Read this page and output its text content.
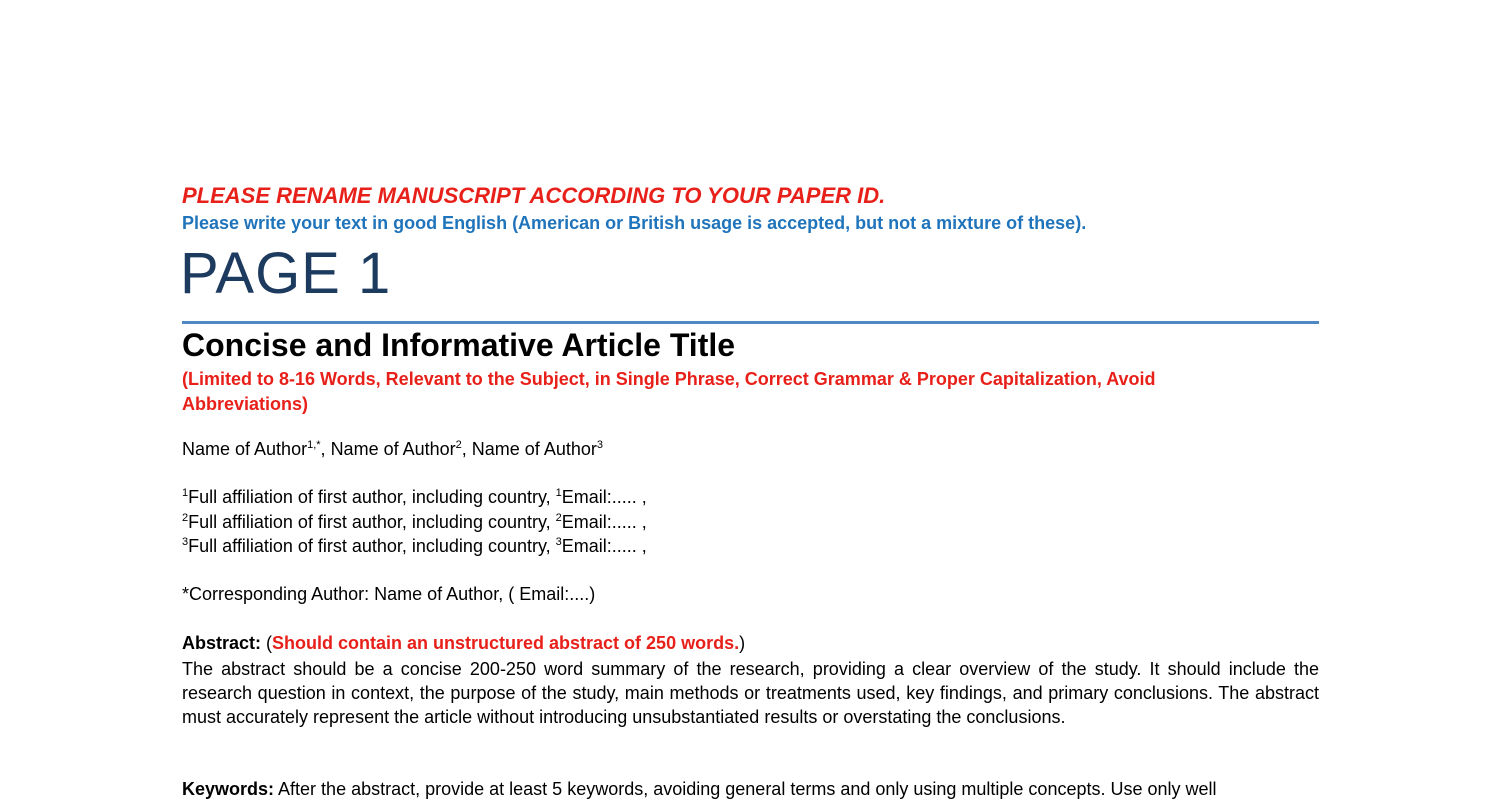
PLEASE RENAME MANUSCRIPT ACCORDING TO YOUR PAPER ID.
Please write your text in good English (American or British usage is accepted, but not a mixture of these).
PAGE 1
Concise and Informative Article Title
(Limited to 8-16 Words, Relevant to the Subject, in Single Phrase, Correct Grammar & Proper Capitalization, Avoid Abbreviations)
Name of Author$^{1,*}$, Name of Author$^2$, Name of Author$^3$
$^1$Full affiliation of first author, including country, $^1$Email:..... ,
$^2$Full affiliation of first author, including country, $^2$Email:..... ,
$^3$Full affiliation of first author, including country, $^3$Email:..... ,
*Corresponding Author: Name of Author, ( Email:....)
Abstract: (Should contain an unstructured abstract of 250 words.)
The abstract should be a concise 200-250 word summary of the research, providing a clear overview of the study. It should include the research question in context, the purpose of the study, main methods or treatments used, key findings, and primary conclusions. The abstract must accurately represent the article without introducing unsubstantiated results or overstating the conclusions.
Keywords: After the abstract, provide at least 5 keywords, avoiding general terms and only using multiple concepts. Use only well
